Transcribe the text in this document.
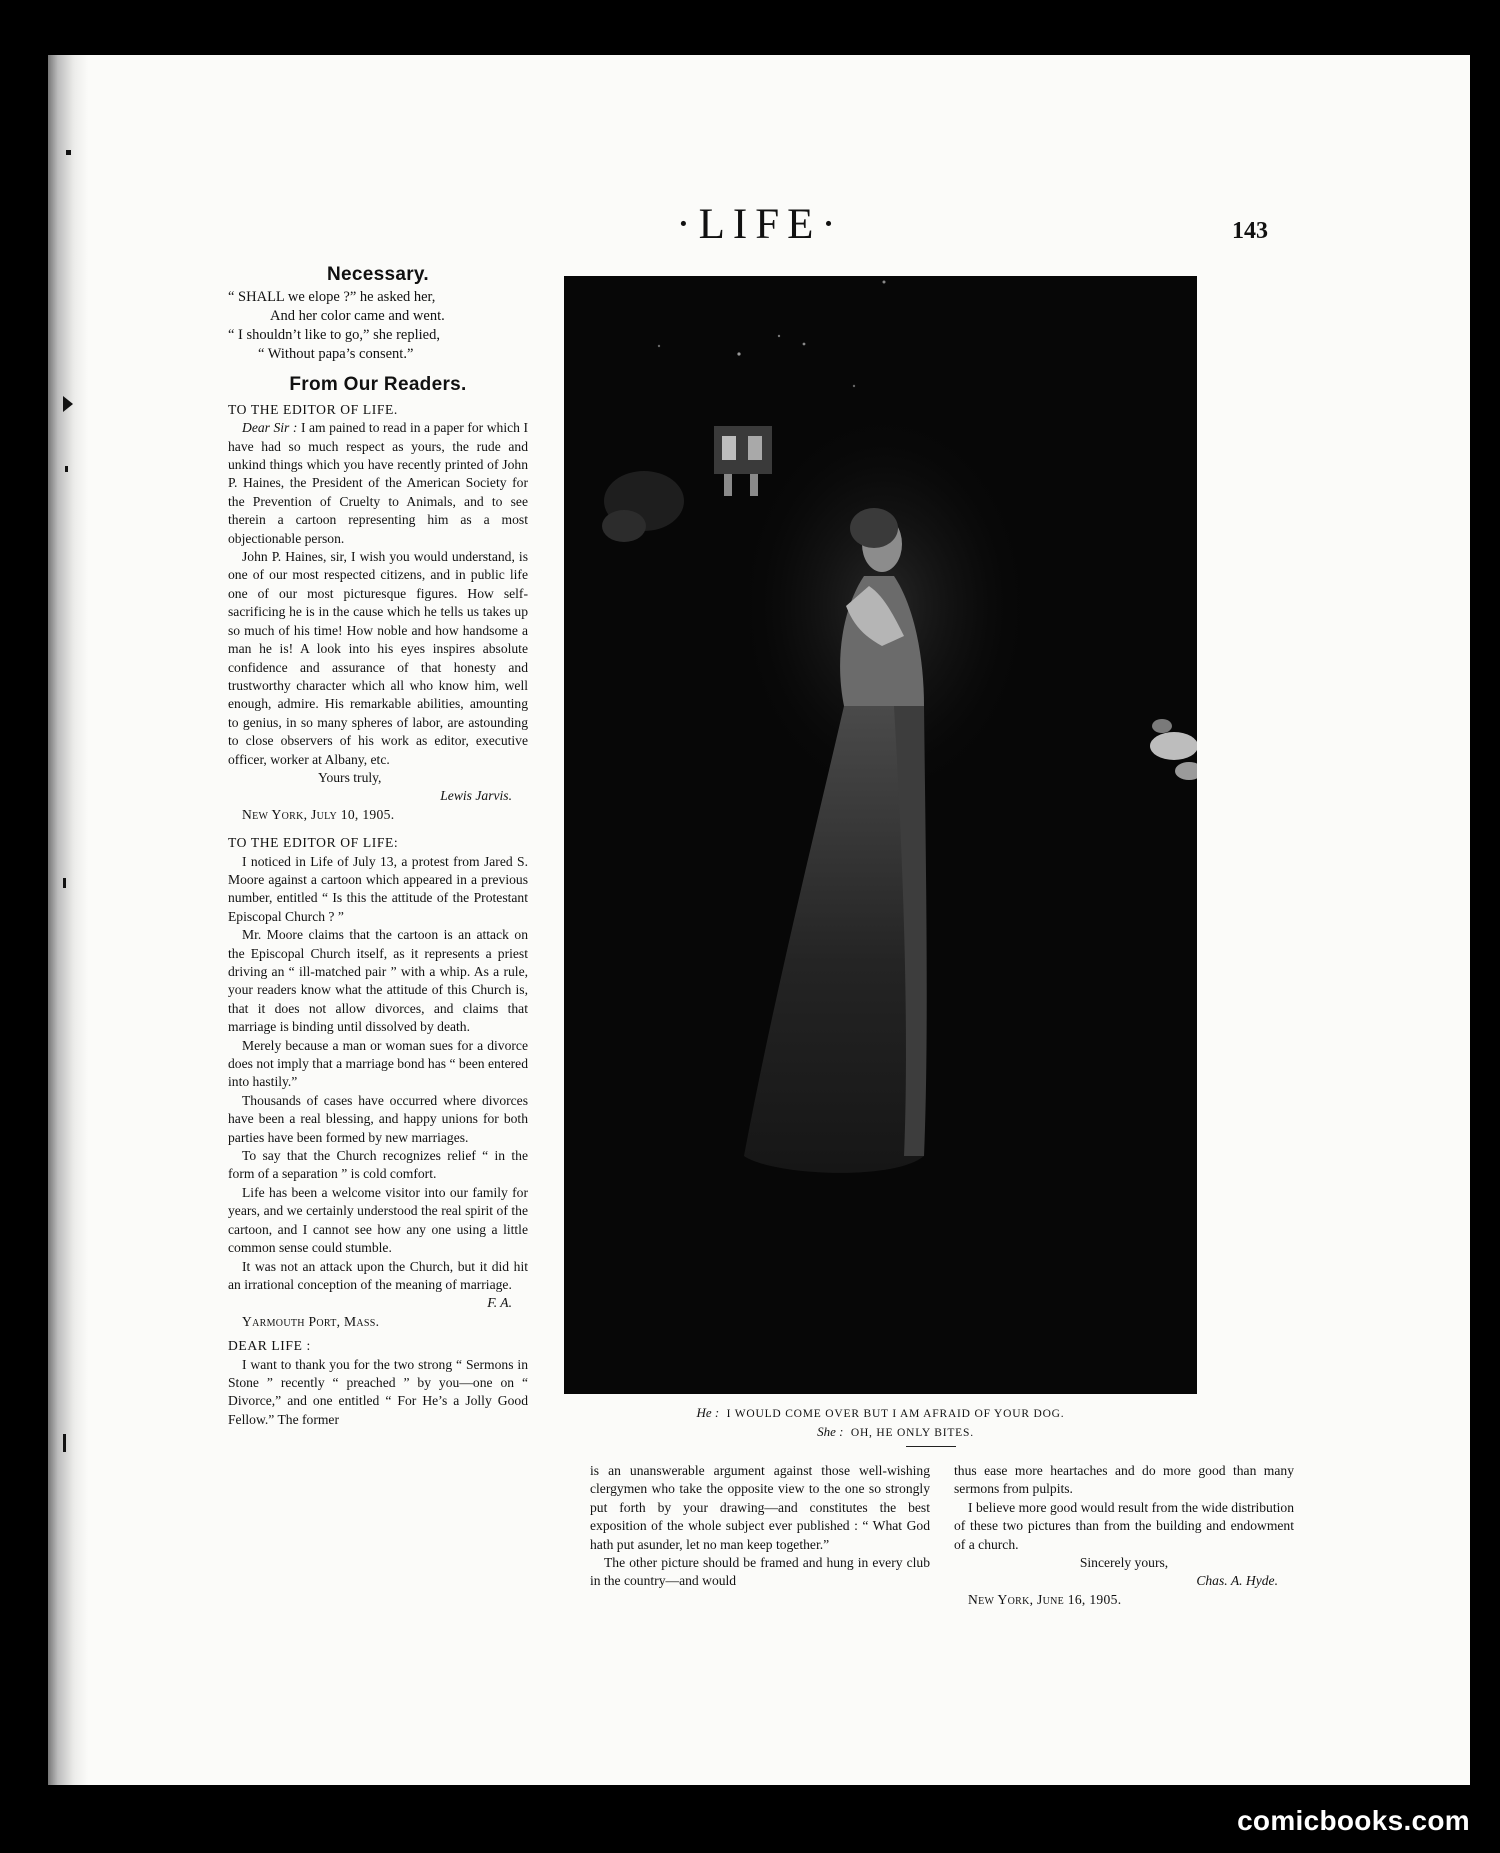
·LIFE·	143
Necessary.
“ SHALL we elope ?” he asked her,
And her color came and went.
“ I shouldn’t like to go,” she replied,
“ Without papa’s consent.”
From Our Readers.
TO THE EDITOR OF LIFE.
Dear Sir : I am pained to read in a paper for which I have had so much respect as yours, the rude and unkind things which you have recently printed of John P. Haines, the President of the American Society for the Prevention of Cruelty to Animals, and to see therein a cartoon representing him as a most objectionable person.
John P. Haines, sir, I wish you would understand, is one of our most respected citizens, and in public life one of our most picturesque figures. How self-sacrificing he is in the cause which he tells us takes up so much of his time! How noble and how handsome a man he is! A look into his eyes inspires absolute confidence and assurance of that honesty and trustworthy character which all who know him, well enough, admire. His remarkable abilities, amounting to genius, in so many spheres of labor, are astounding to close observers of his work as editor, executive officer, worker at Albany, etc.
Yours truly,
Lewis Jarvis.
New York, July 10, 1905.
TO THE EDITOR OF LIFE:
I noticed in Life of July 13, a protest from Jared S. Moore against a cartoon which appeared in a previous number, entitled “ Is this the attitude of the Protestant Episcopal Church ? ”
Mr. Moore claims that the cartoon is an attack on the Episcopal Church itself, as it represents a priest driving an “ ill-matched pair ” with a whip. As a rule, your readers know what the attitude of this Church is, that it does not allow divorces, and claims that marriage is binding until dissolved by death.
Merely because a man or woman sues for a divorce does not imply that a marriage bond has “ been entered into hastily.”
Thousands of cases have occurred where divorces have been a real blessing, and happy unions for both parties have been formed by new marriages.
To say that the Church recognizes relief “ in the form of a separation ” is cold comfort.
Life has been a welcome visitor into our family for years, and we certainly understood the real spirit of the cartoon, and I cannot see how any one using a little common sense could stumble.
It was not an attack upon the Church, but it did hit an irrational conception of the meaning of marriage.
F. A.
Yarmouth Port, Mass.
DEAR LIFE :
I want to thank you for the two strong “ Sermons in Stone ” recently “ preached ” by you—one on “ Divorce,” and one entitled “ For He’s a Jolly Good Fellow.” The former	He : I WOULD COME OVER BUT I AM AFRAID OF YOUR DOG.
She : OH, HE ONLY BITES.
is an unanswerable argument against those well-wishing clergymen who take the opposite view to the one so strongly put forth by your drawing—and constitutes the best exposition of the whole subject ever published : “ What God hath put asunder, let no man keep together.”
The other picture should be framed and hung in every club in the country—and would
thus ease more heartaches and do more good than many sermons from pulpits.
I believe more good would result from the wide distribution of these two pictures than from the building and endowment of a church.
Sincerely yours,
Chas. A. Hyde.
New York, June 16, 1905.
comicbooks.com
